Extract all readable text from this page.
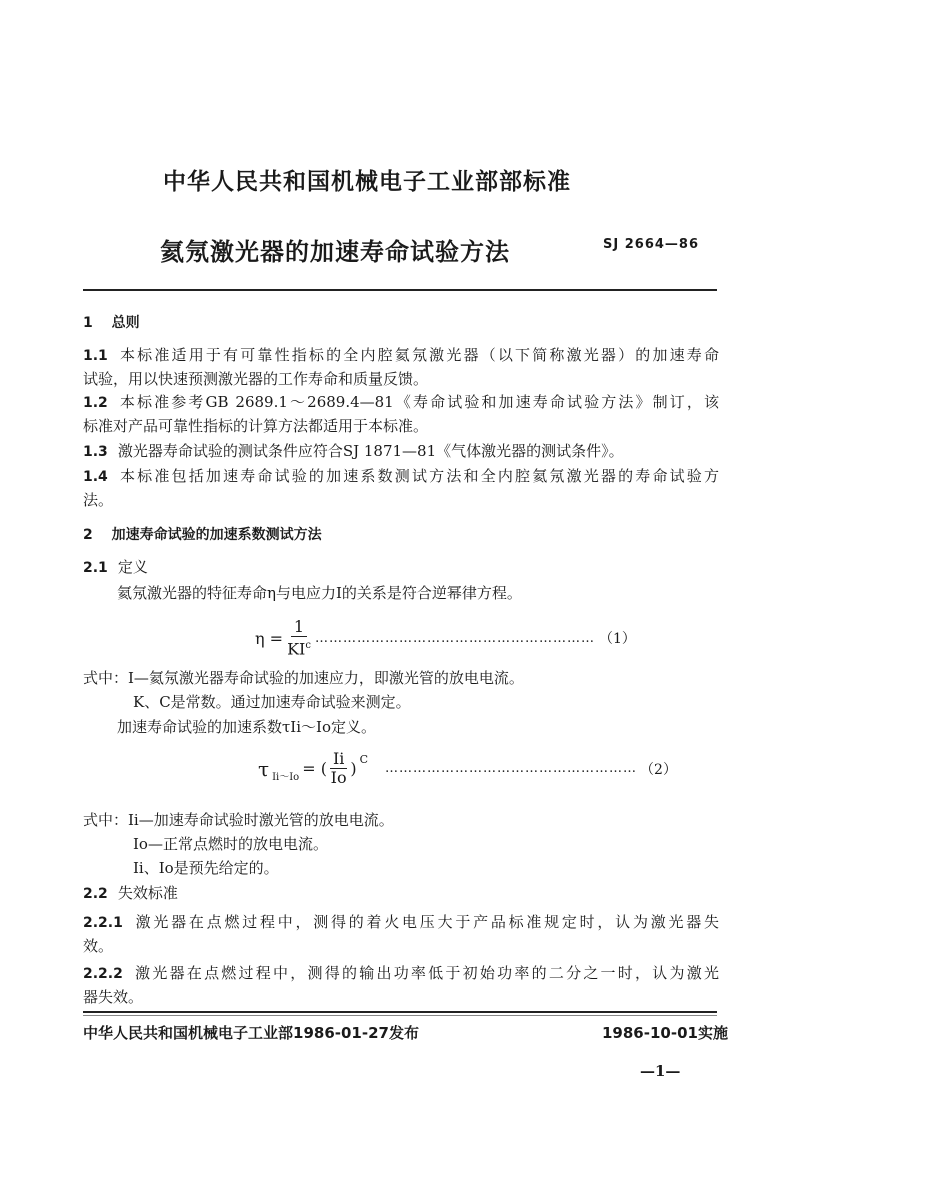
中华人民共和国机械电子工业部部标准
氦氖激光器的加速寿命试验方法	SJ 2664—86
1 总则
1.1 本标准适用于有可靠性指标的全内腔氦氖激光器（以下简称激光器）的加速寿命
试验，用以快速预测激光器的工作寿命和质量反馈。
1.2 本标准参考GB 2689.1～2689.4—81《寿命试验和加速寿命试验方法》制订，该
标准对产品可靠性指标的计算方法都适用于本标准。
1.3 激光器寿命试验的测试条件应符合SJ 1871—81《气体激光器的测试条件》。
1.4 本标准包括加速寿命试验的加速系数测试方法和全内腔氦氖激光器的寿命试验方
法。
2 加速寿命试验的加速系数测试方法
2.1 定义
氦氖激光器的特征寿命η与电应力I的关系是符合逆幂律方程。
$\eta = \frac{1}{KI^c}$ …………………………………………………… （1）
式中：I—氦氖激光器寿命试验的加速应力，即激光管的放电电流。
K、C是常数。通过加速寿命试验来测定。
加速寿命试验的加速系数τIi～Io定义。
τ $_{Ii\sim Io}$ = ( $\frac{Ii}{Io}$ ) $^C$
……………………………………………… （2）
式中：Ii—加速寿命试验时激光管的放电电流。
Io—正常点燃时的放电电流。
Ii、Io是预先给定的。
2.2 失效标准
2.2.1 激光器在点燃过程中，测得的着火电压大于产品标准规定时，认为激光器失
效。
2.2.2 激光器在点燃过程中，测得的输出功率低于初始功率的二分之一时，认为激光
器失效。
中华人民共和国机械电子工业部1986-01-27发布	1986-10-01实施
—1—
